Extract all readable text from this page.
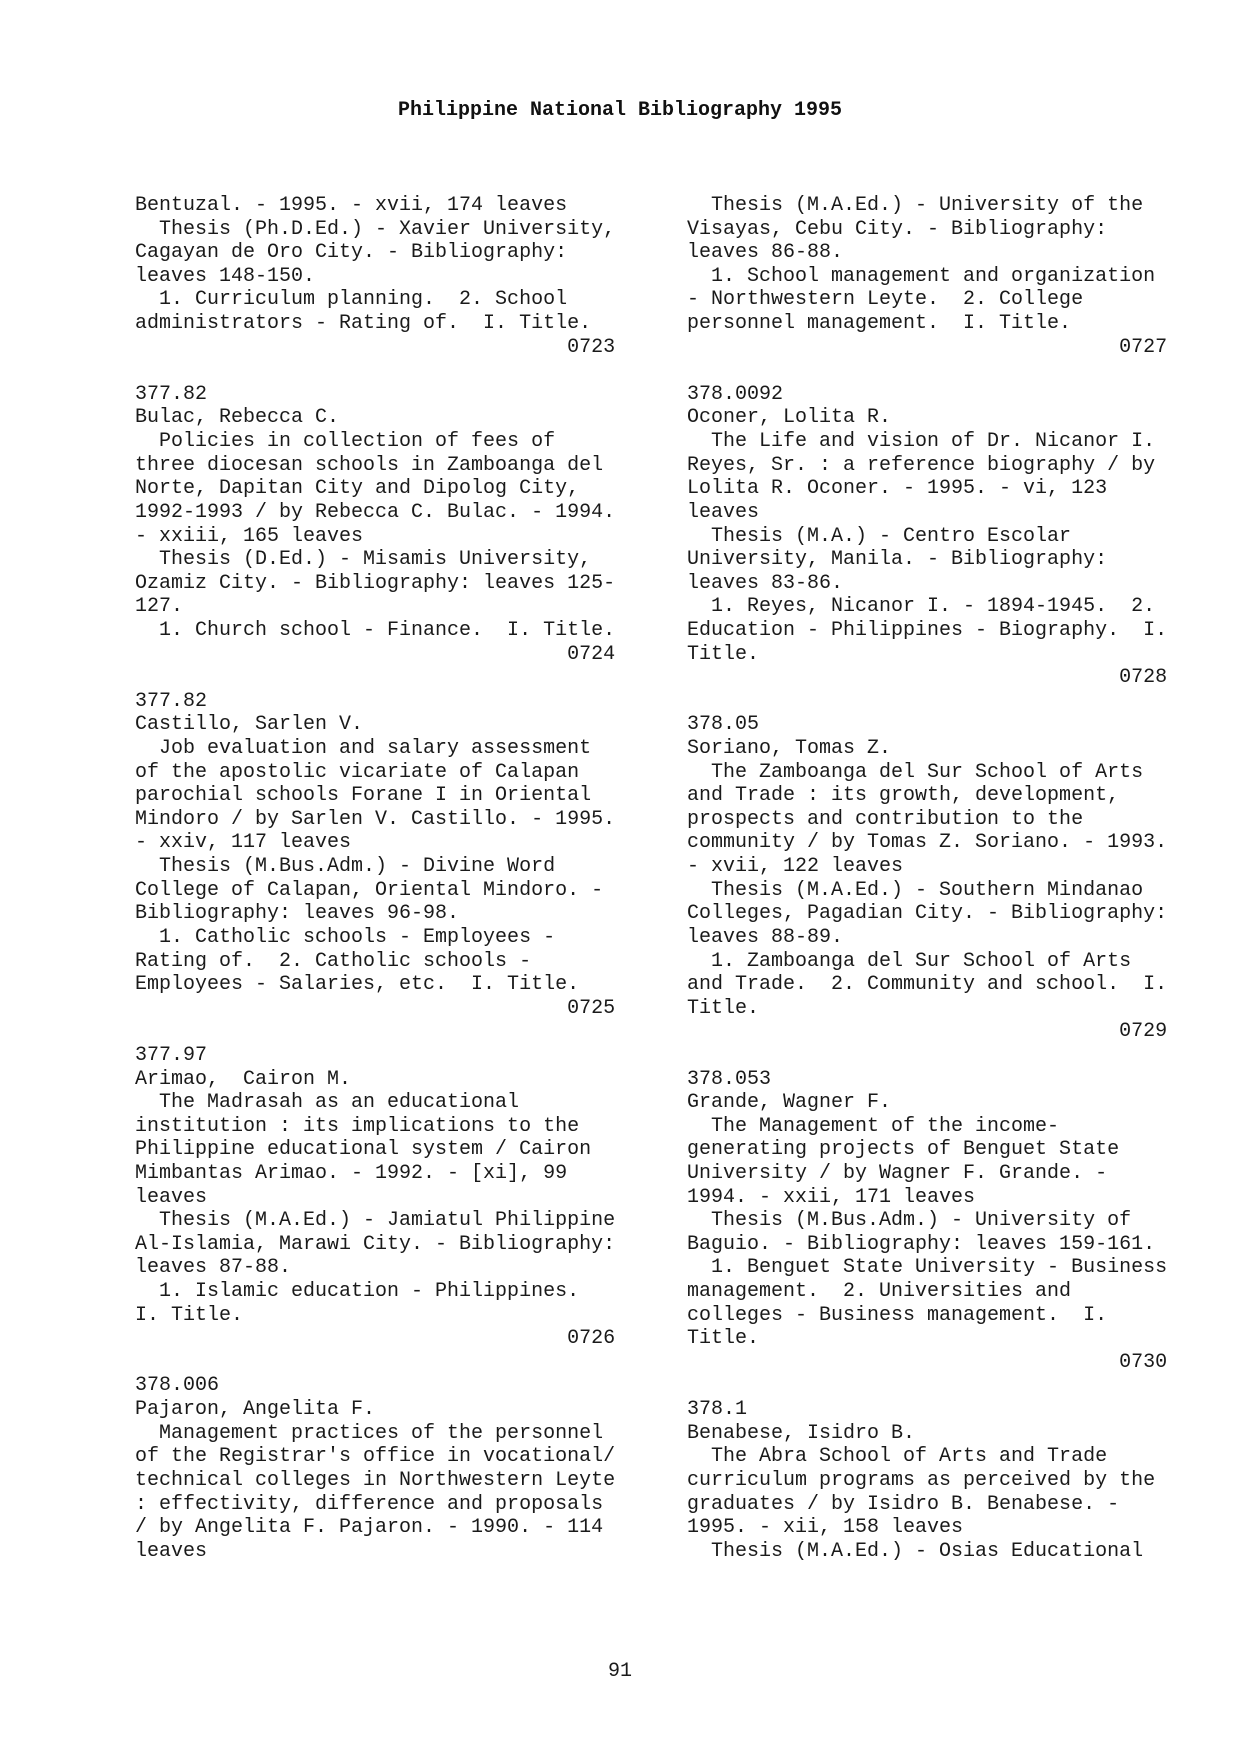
Philippine National Bibliography 1995
Bentuzal. - 1995. - xvii, 174 leaves
Thesis (Ph.D.Ed.) - Xavier University,
Cagayan de Oro City. - Bibliography:
leaves 148-150.
1. Curriculum planning.  2. School
administrators - Rating of.  I. Title.
0723
377.82
Bulac, Rebecca C.
Policies in collection of fees of
three diocesan schools in Zamboanga del
Norte, Dapitan City and Dipolog City,
1992-1993 / by Rebecca C. Bulac. - 1994.
- xxiii, 165 leaves
Thesis (D.Ed.) - Misamis University,
Ozamiz City. - Bibliography: leaves 125-
127.
1. Church school - Finance.  I. Title.
0724
377.82
Castillo, Sarlen V.
Job evaluation and salary assessment
of the apostolic vicariate of Calapan
parochial schools Forane I in Oriental
Mindoro / by Sarlen V. Castillo. - 1995.
- xxiv, 117 leaves
Thesis (M.Bus.Adm.) - Divine Word
College of Calapan, Oriental Mindoro. -
Bibliography: leaves 96-98.
1. Catholic schools - Employees -
Rating of.  2. Catholic schools -
Employees - Salaries, etc.  I. Title.
0725
377.97
Arimao,  Cairon M.
The Madrasah as an educational
institution : its implications to the
Philippine educational system / Cairon
Mimbantas Arimao. - 1992. - [xi], 99
leaves
Thesis (M.A.Ed.) - Jamiatul Philippine
Al-Islamia, Marawi City. - Bibliography:
leaves 87-88.
1. Islamic education - Philippines.
I. Title.
0726
378.006
Pajaron, Angelita F.
Management practices of the personnel
of the Registrar's office in vocational/
technical colleges in Northwestern Leyte
: effectivity, difference and proposals
/ by Angelita F. Pajaron. - 1990. - 114
leaves
Thesis (M.A.Ed.) - University of the
Visayas, Cebu City. - Bibliography:
leaves 86-88.
1. School management and organization
- Northwestern Leyte.  2. College
personnel management.  I. Title.
0727
378.0092
Oconer, Lolita R.
The Life and vision of Dr. Nicanor I.
Reyes, Sr. : a reference biography / by
Lolita R. Oconer. - 1995. - vi, 123
leaves
Thesis (M.A.) - Centro Escolar
University, Manila. - Bibliography:
leaves 83-86.
1. Reyes, Nicanor I. - 1894-1945.  2.
Education - Philippines - Biography.  I.
Title.
0728
378.05
Soriano, Tomas Z.
The Zamboanga del Sur School of Arts
and Trade : its growth, development,
prospects and contribution to the
community / by Tomas Z. Soriano. - 1993.
- xvii, 122 leaves
Thesis (M.A.Ed.) - Southern Mindanao
Colleges, Pagadian City. - Bibliography:
leaves 88-89.
1. Zamboanga del Sur School of Arts
and Trade.  2. Community and school.  I.
Title.
0729
378.053
Grande, Wagner F.
The Management of the income-
generating projects of Benguet State
University / by Wagner F. Grande. -
1994. - xxii, 171 leaves
Thesis (M.Bus.Adm.) - University of
Baguio. - Bibliography: leaves 159-161.
1. Benguet State University - Business
management.  2. Universities and
colleges - Business management.  I.
Title.
0730
378.1
Benabese, Isidro B.
The Abra School of Arts and Trade
curriculum programs as perceived by the
graduates / by Isidro B. Benabese. -
1995. - xii, 158 leaves
Thesis (M.A.Ed.) - Osias Educational
91
